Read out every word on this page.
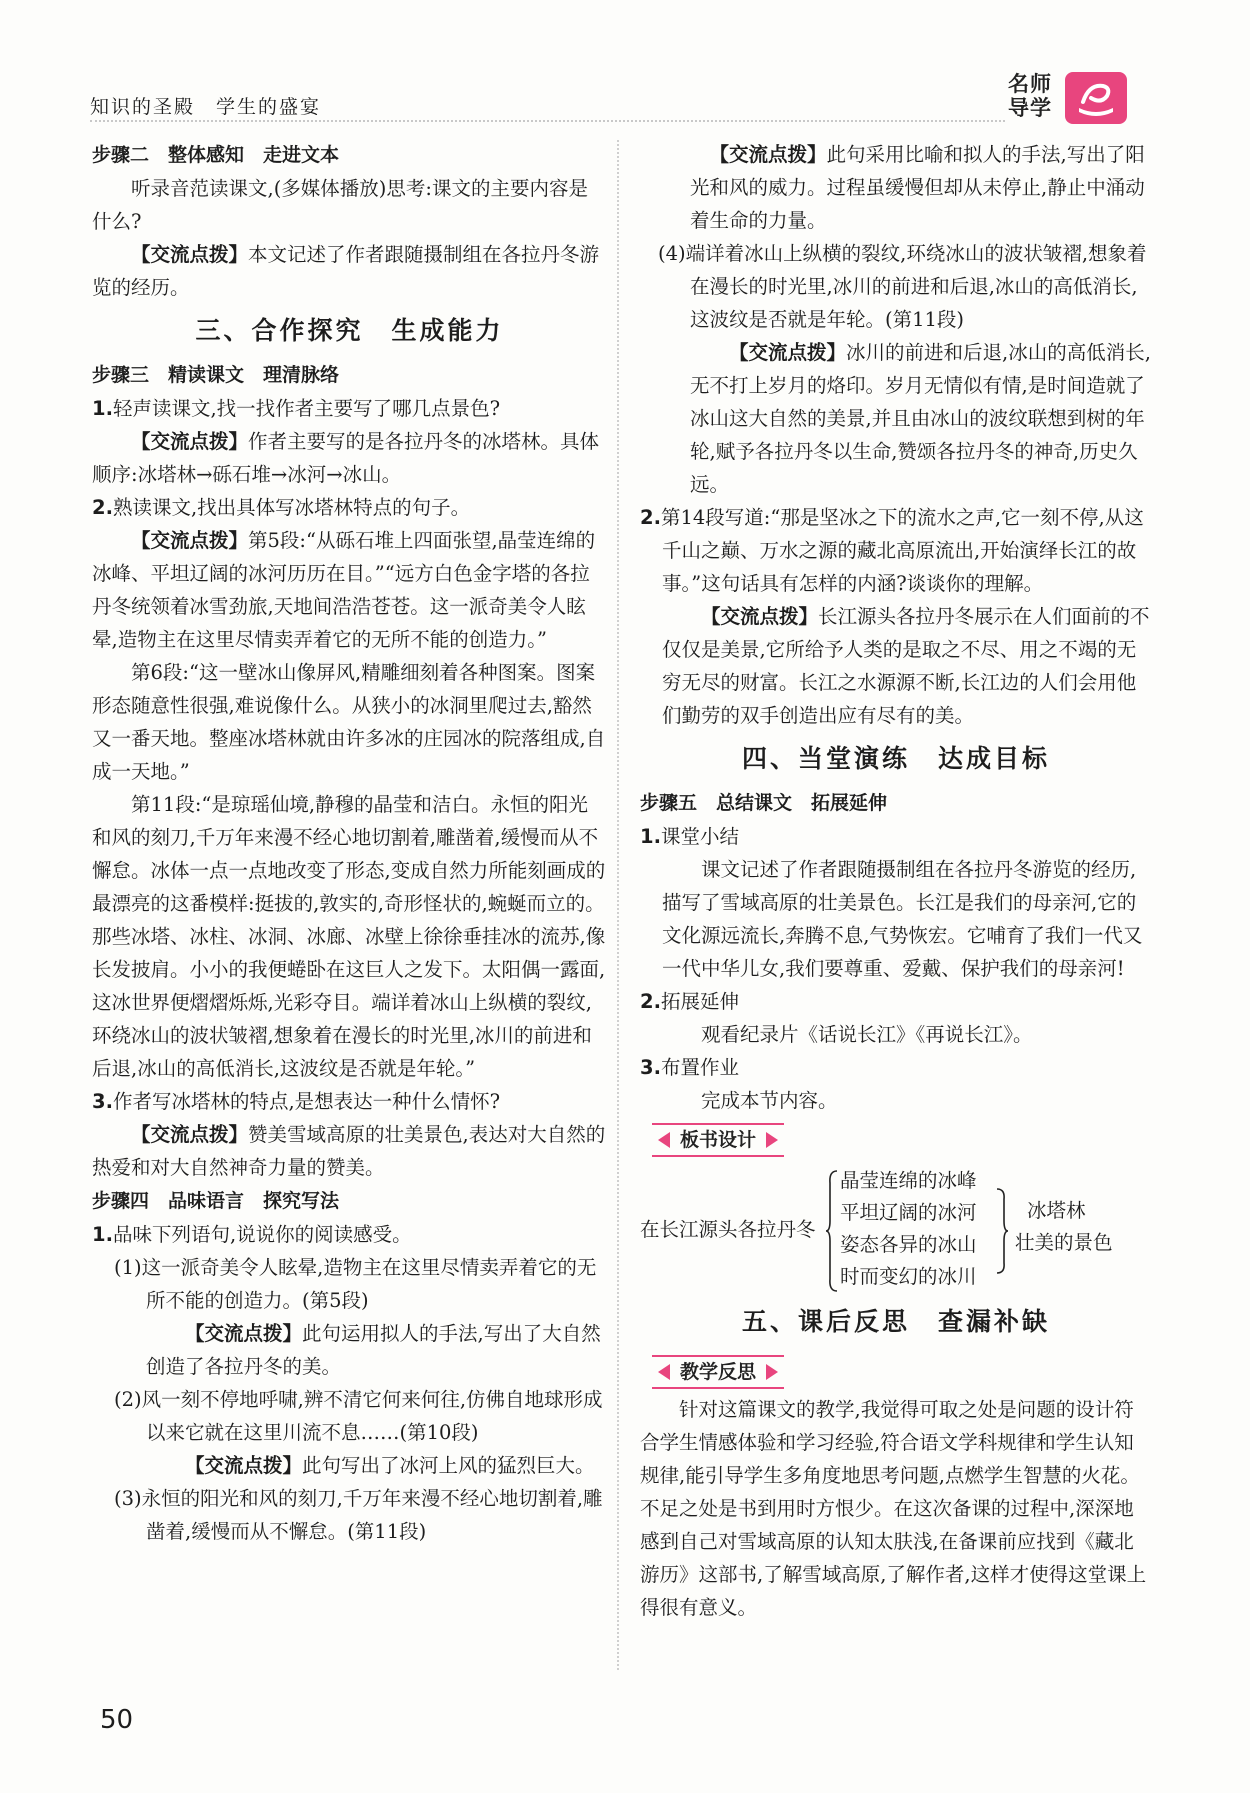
知识的圣殿　学生的盛宴
名师
导学

步骤二　整体感知　走进文本

听录音范读课文,(多媒体播放)思考:课文的主要内容是什么?

【交流点拨】本文记述了作者跟随摄制组在各拉丹冬游览的经历。

三、合作探究　生成能力

步骤三　精读课文　理清脉络

1.轻声读课文,找一找作者主要写了哪几点景色?

【交流点拨】作者主要写的是各拉丹冬的冰塔林。具体顺序:冰塔林→砾石堆→冰河→冰山。

2.熟读课文,找出具体写冰塔林特点的句子。

【交流点拨】第5段:“从砾石堆上四面张望,晶莹连绵的冰峰、平坦辽阔的冰河历历在目。”“远方白色金字塔的各拉丹冬统领着冰雪劲旅,天地间浩浩苍苍。这一派奇美令人眩晕,造物主在这里尽情卖弄着它的无所不能的创造力。”

第6段:“这一壁冰山像屏风,精雕细刻着各种图案。图案形态随意性很强,难说像什么。从狭小的冰洞里爬过去,豁然又一番天地。整座冰塔林就由许多冰的庄园冰的院落组成,自成一天地。”

第11段:“是琼瑶仙境,静穆的晶莹和洁白。永恒的阳光和风的刻刀,千万年来漫不经心地切割着,雕凿着,缓慢而从不懈怠。冰体一点一点地改变了形态,变成自然力所能刻画成的最漂亮的这番模样:挺拔的,敦实的,奇形怪状的,蜿蜒而立的。那些冰塔、冰柱、冰洞、冰廊、冰壁上徐徐垂挂冰的流苏,像长发披肩。小小的我便蜷卧在这巨人之发下。太阳偶一露面,这冰世界便熠熠烁烁,光彩夺目。端详着冰山上纵横的裂纹,环绕冰山的波状皱褶,想象着在漫长的时光里,冰川的前进和后退,冰山的高低消长,这波纹是否就是年轮。”

3.作者写冰塔林的特点,是想表达一种什么情怀?

【交流点拨】赞美雪域高原的壮美景色,表达对大自然的热爱和对大自然神奇力量的赞美。

步骤四　品味语言　探究写法

1.品味下列语句,说说你的阅读感受。

(1)这一派奇美令人眩晕,造物主在这里尽情卖弄着它的无所不能的创造力。(第5段)

【交流点拨】此句运用拟人的手法,写出了大自然创造了各拉丹冬的美。

(2)风一刻不停地呼啸,辨不清它何来何往,仿佛自地球形成以来它就在这里川流不息……(第10段)

【交流点拨】此句写出了冰河上风的猛烈巨大。

(3)永恒的阳光和风的刻刀,千万年来漫不经心地切割着,雕凿着,缓慢而从不懈怠。(第11段)

【交流点拨】此句采用比喻和拟人的手法,写出了阳光和风的威力。过程虽缓慢但却从未停止,静止中涌动着生命的力量。

(4)端详着冰山上纵横的裂纹,环绕冰山的波状皱褶,想象着在漫长的时光里,冰川的前进和后退,冰山的高低消长,这波纹是否就是年轮。(第11段)

【交流点拨】冰川的前进和后退,冰山的高低消长,无不打上岁月的烙印。岁月无情似有情,是时间造就了冰山这大自然的美景,并且由冰山的波纹联想到树的年轮,赋予各拉丹冬以生命,赞颂各拉丹冬的神奇,历史久远。

2.第14段写道:“那是坚冰之下的流水之声,它一刻不停,从这千山之巅、万水之源的藏北高原流出,开始演绎长江的故事。”这句话具有怎样的内涵?谈谈你的理解。

【交流点拨】长江源头各拉丹冬展示在人们面前的不仅仅是美景,它所给予人类的是取之不尽、用之不竭的无穷无尽的财富。长江之水源源不断,长江边的人们会用他们勤劳的双手创造出应有尽有的美。

四、当堂演练　达成目标

步骤五　总结课文　拓展延伸

1.课堂小结

课文记述了作者跟随摄制组在各拉丹冬游览的经历,描写了雪域高原的壮美景色。长江是我们的母亲河,它的文化源远流长,奔腾不息,气势恢宏。它哺育了我们一代又一代中华儿女,我们要尊重、爱戴、保护我们的母亲河!

2.拓展延伸

观看纪录片《话说长江》《再说长江》。

3.布置作业

完成本节内容。

板书设计
在长江源头各拉丹冬
晶莹连绵的冰峰
平坦辽阔的冰河
姿态各异的冰山
时而变幻的冰川
冰塔林
壮美的景色

五、课后反思　查漏补缺

教学反思

针对这篇课文的教学,我觉得可取之处是问题的设计符合学生情感体验和学习经验,符合语文学科规律和学生认知规律,能引导学生多角度地思考问题,点燃学生智慧的火花。不足之处是书到用时方恨少。在这次备课的过程中,深深地感到自己对雪域高原的认知太肤浅,在备课前应找到《藏北游历》这部书,了解雪域高原,了解作者,这样才使得这堂课上得很有意义。

50
